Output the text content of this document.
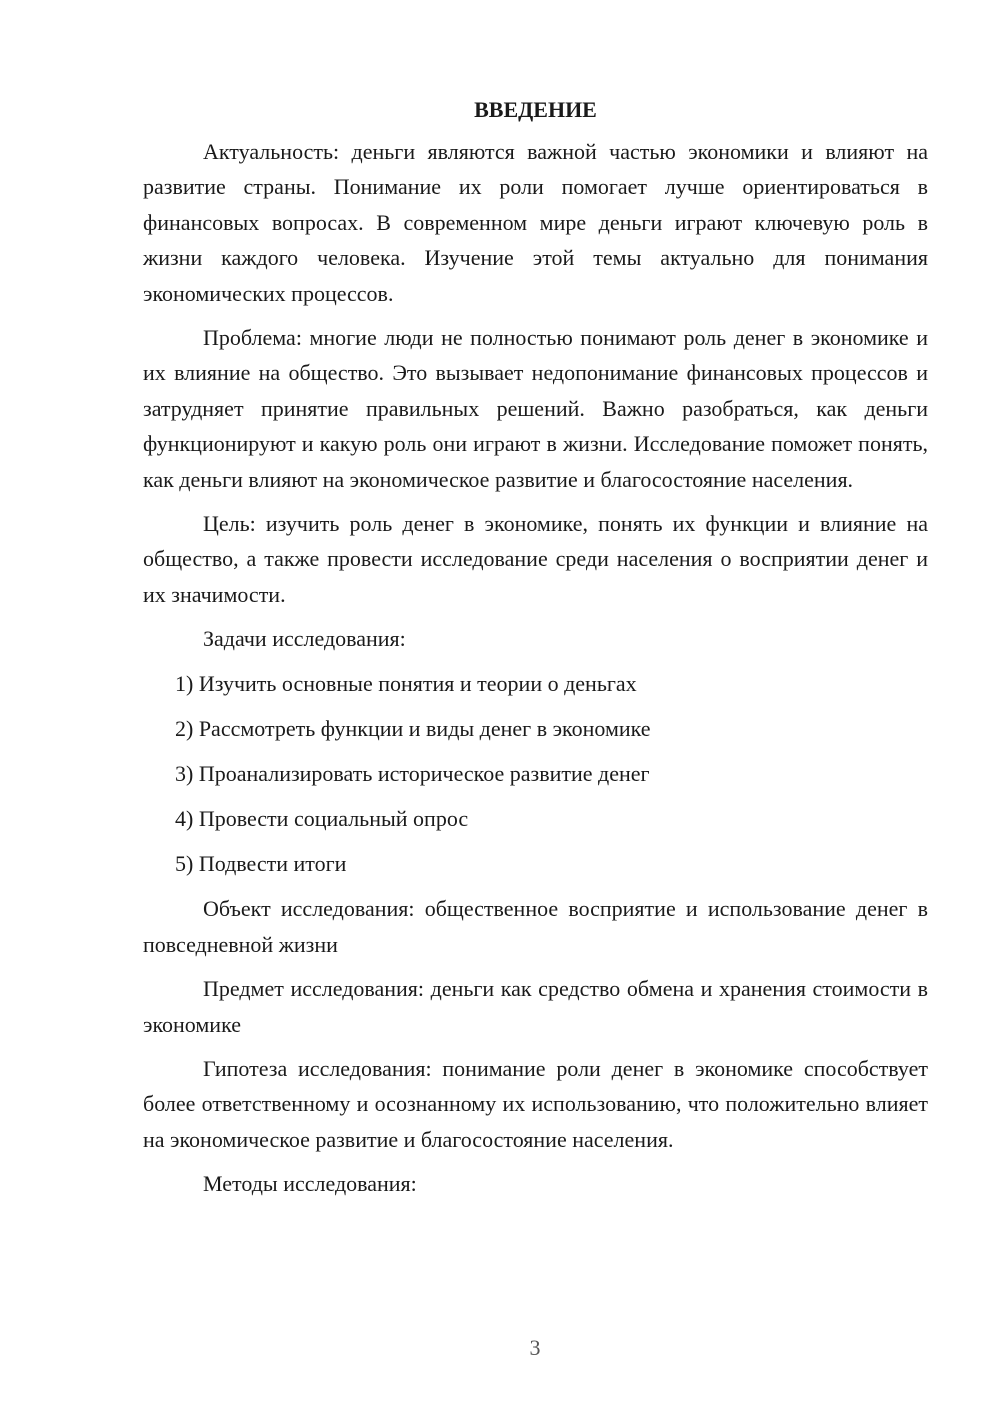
ВВЕДЕНИЕ

Актуальность: деньги являются важной частью экономики и влияют на развитие страны. Понимание их роли помогает лучше ориентироваться в финансовых вопросах. В современном мире деньги играют ключевую роль в жизни каждого человека. Изучение этой темы актуально для понимания экономических процессов.

Проблема: многие люди не полностью понимают роль денег в экономике и их влияние на общество. Это вызывает недопонимание финансовых процессов и затрудняет принятие правильных решений. Важно разобраться, как деньги функционируют и какую роль они играют в жизни. Исследование поможет понять, как деньги влияют на экономическое развитие и благосостояние населения.

Цель: изучить роль денег в экономике, понять их функции и влияние на общество, а также провести исследование среди населения о восприятии денег и их значимости.

Задачи исследования:
1) Изучить основные понятия и теории о деньгах
2) Рассмотреть функции и виды денег в экономике
3) Проанализировать историческое развитие денег
4) Провести социальный опрос
5) Подвести итоги

Объект исследования: общественное восприятие и использование денег в повседневной жизни

Предмет исследования: деньги как средство обмена и хранения стоимости в экономике

Гипотеза исследования: понимание роли денег в экономике способствует более ответственному и осознанному их использованию, что положительно влияет на экономическое развитие и благосостояние населения.

Методы исследования:
3
